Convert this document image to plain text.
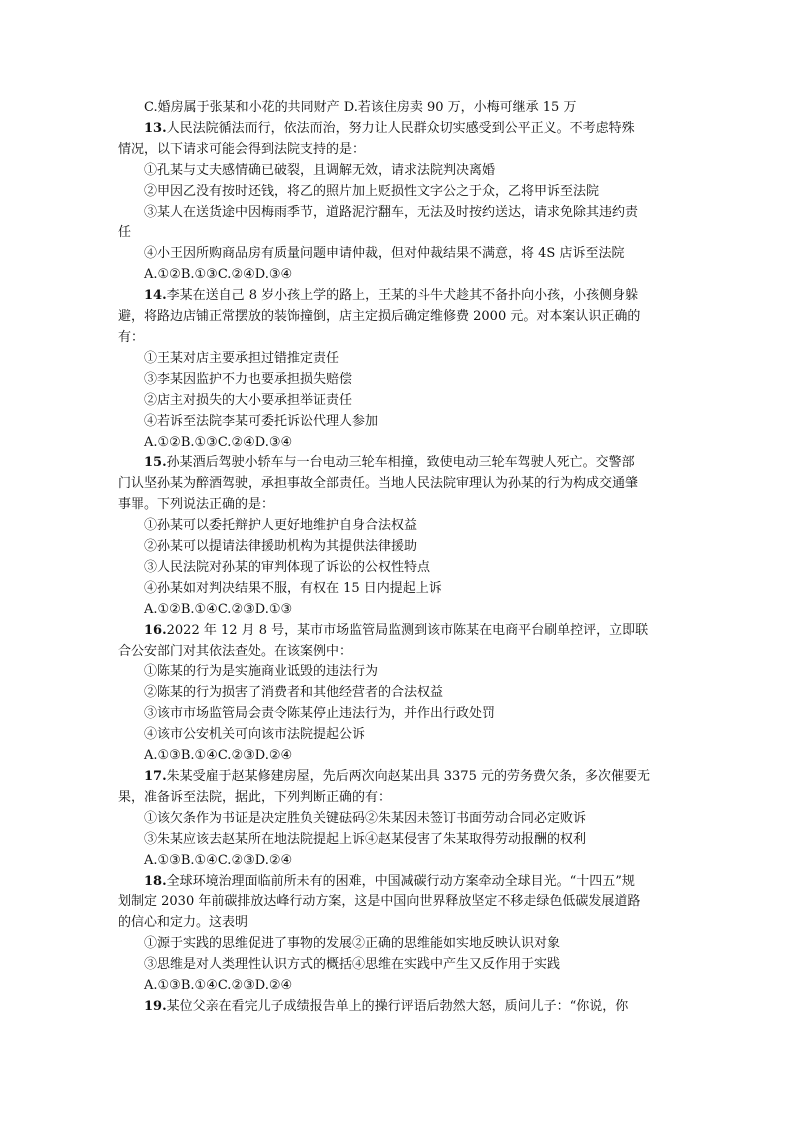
C.婚房属于张某和小花的共同财产 D.若该住房卖 90 万，小梅可继承 15 万
13.人民法院循法而行，依法而治，努力让人民群众切实感受到公平正义。不考虑特殊
情况，以下请求可能会得到法院支持的是：
①孔某与丈夫感情确已破裂，且调解无效，请求法院判决离婚
②甲因乙没有按时还钱，将乙的照片加上贬损性文字公之于众，乙将甲诉至法院
③某人在送货途中因梅雨季节，道路泥泞翻车，无法及时按约送达，请求免除其违约责
任
④小王因所购商品房有质量问题申请仲裁，但对仲裁结果不满意，将 4S 店诉至法院
A.①②B.①③C.②④D.③④
14.李某在送自己 8 岁小孩上学的路上，王某的斗牛犬趁其不备扑向小孩，小孩侧身躲
避，将路边店铺正常摆放的装饰撞倒，店主定损后确定维修费 2000 元。对本案认识正确的
有：
①王某对店主要承担过错推定责任
③李某因监护不力也要承担损失赔偿
②店主对损失的大小要承担举证责任
④若诉至法院李某可委托诉讼代理人参加
A.①②B.①③C.②④D.③④
15.孙某酒后驾驶小轿车与一台电动三轮车相撞，致使电动三轮车驾驶人死亡。交警部
门认坚孙某为醉酒驾驶，承担事故全部责任。当地人民法院审理认为孙某的行为构成交通肇
事罪。下列说法正确的是：
①孙某可以委托辩护人更好地维护自身合法权益
②孙某可以提请法律援助机构为其提供法律援助
③人民法院对孙某的审判体现了诉讼的公权性特点
④孙某如对判决结果不服，有权在 15 日内提起上诉
A.①②B.①④C.②③D.①③
16.2022 年 12 月 8 号，某市市场监管局监测到该市陈某在电商平台刷单控评，立即联
合公安部门对其依法查处。在该案例中：
①陈某的行为是实施商业诋毁的违法行为
②陈某的行为损害了消费者和其他经营者的合法权益
③该市市场监管局会责令陈某停止违法行为，并作出行政处罚
④该市公安机关可向该市法院提起公诉
A.①③B.①④C.②③D.②④
17.朱某受雇于赵某修建房屋，先后两次向赵某出具 3375 元的劳务费欠条，多次催要无
果，准备诉至法院，据此，下列判断正确的有：
①该欠条作为书证是决定胜负关键砝码②朱某因未签订书面劳动合同必定败诉
③朱某应该去赵某所在地法院提起上诉④赵某侵害了朱某取得劳动报酬的权利
A.①③B.①④C.②③D.②④
18.全球环境治理面临前所未有的困难，中国减碳行动方案牵动全球目光。“十四五”规
划制定 2030 年前碳排放达峰行动方案，这是中国向世界释放坚定不移走绿色低碳发展道路
的信心和定力。这表明
①源于实践的思维促进了事物的发展②正确的思维能如实地反映认识对象
③思维是对人类理性认识方式的概括④思维在实践中产生又反作用于实践
A.①③B.①④C.②③D.②④
19.某位父亲在看完儿子成绩报告单上的操行评语后勃然大怒，质问儿子：“你说，你
